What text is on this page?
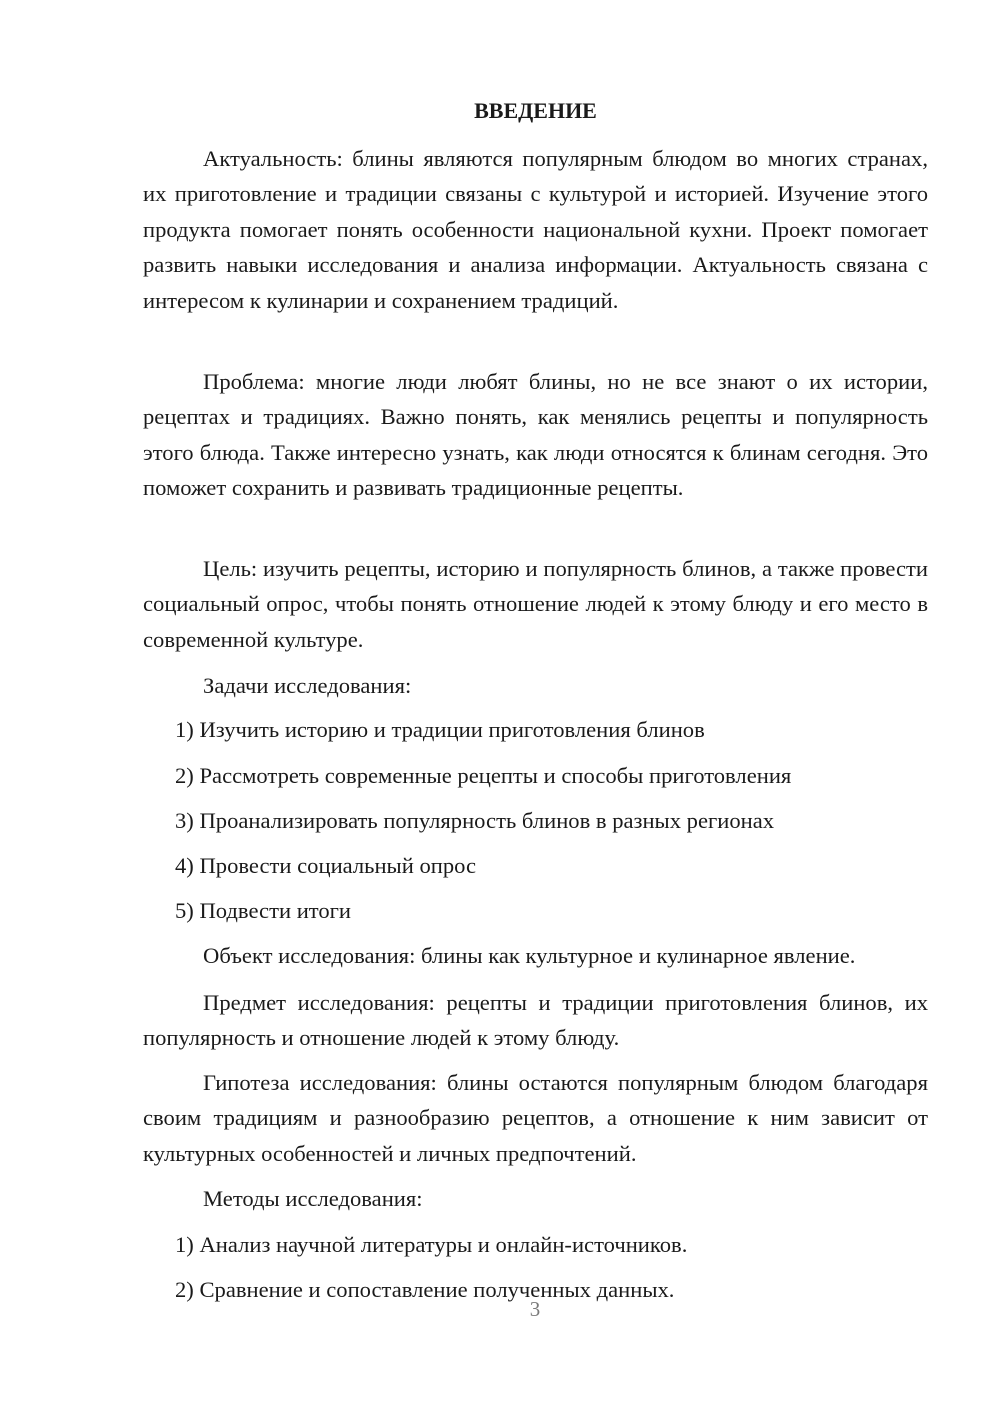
ВВЕДЕНИЕ

Актуальность: блины являются популярным блюдом во многих странах, их приготовление и традиции связаны с культурой и историей. Изучение этого продукта помогает понять особенности национальной кухни. Проект помогает развить навыки исследования и анализа информации. Актуальность связана с интересом к кулинарии и сохранением традиций.

Проблема: многие люди любят блины, но не все знают о их истории, рецептах и традициях. Важно понять, как менялись рецепты и популярность этого блюда. Также интересно узнать, как люди относятся к блинам сегодня. Это поможет сохранить и развивать традиционные рецепты.

Цель: изучить рецепты, историю и популярность блинов, а также провести социальный опрос, чтобы понять отношение людей к этому блюду и его место в современной культуре.

Задачи исследования:

1) Изучить историю и традиции приготовления блинов

2) Рассмотреть современные рецепты и способы приготовления

3) Проанализировать популярность блинов в разных регионах

4) Провести социальный опрос

5) Подвести итоги

Объект исследования: блины как культурное и кулинарное явление.

Предмет исследования: рецепты и традиции приготовления блинов, их популярность и отношение людей к этому блюду.

Гипотеза исследования: блины остаются популярным блюдом благодаря своим традициям и разнообразию рецептов, а отношение к ним зависит от культурных особенностей и личных предпочтений.

Методы исследования:

1) Анализ научной литературы и онлайн-источников.

2) Сравнение и сопоставление полученных данных.

3
